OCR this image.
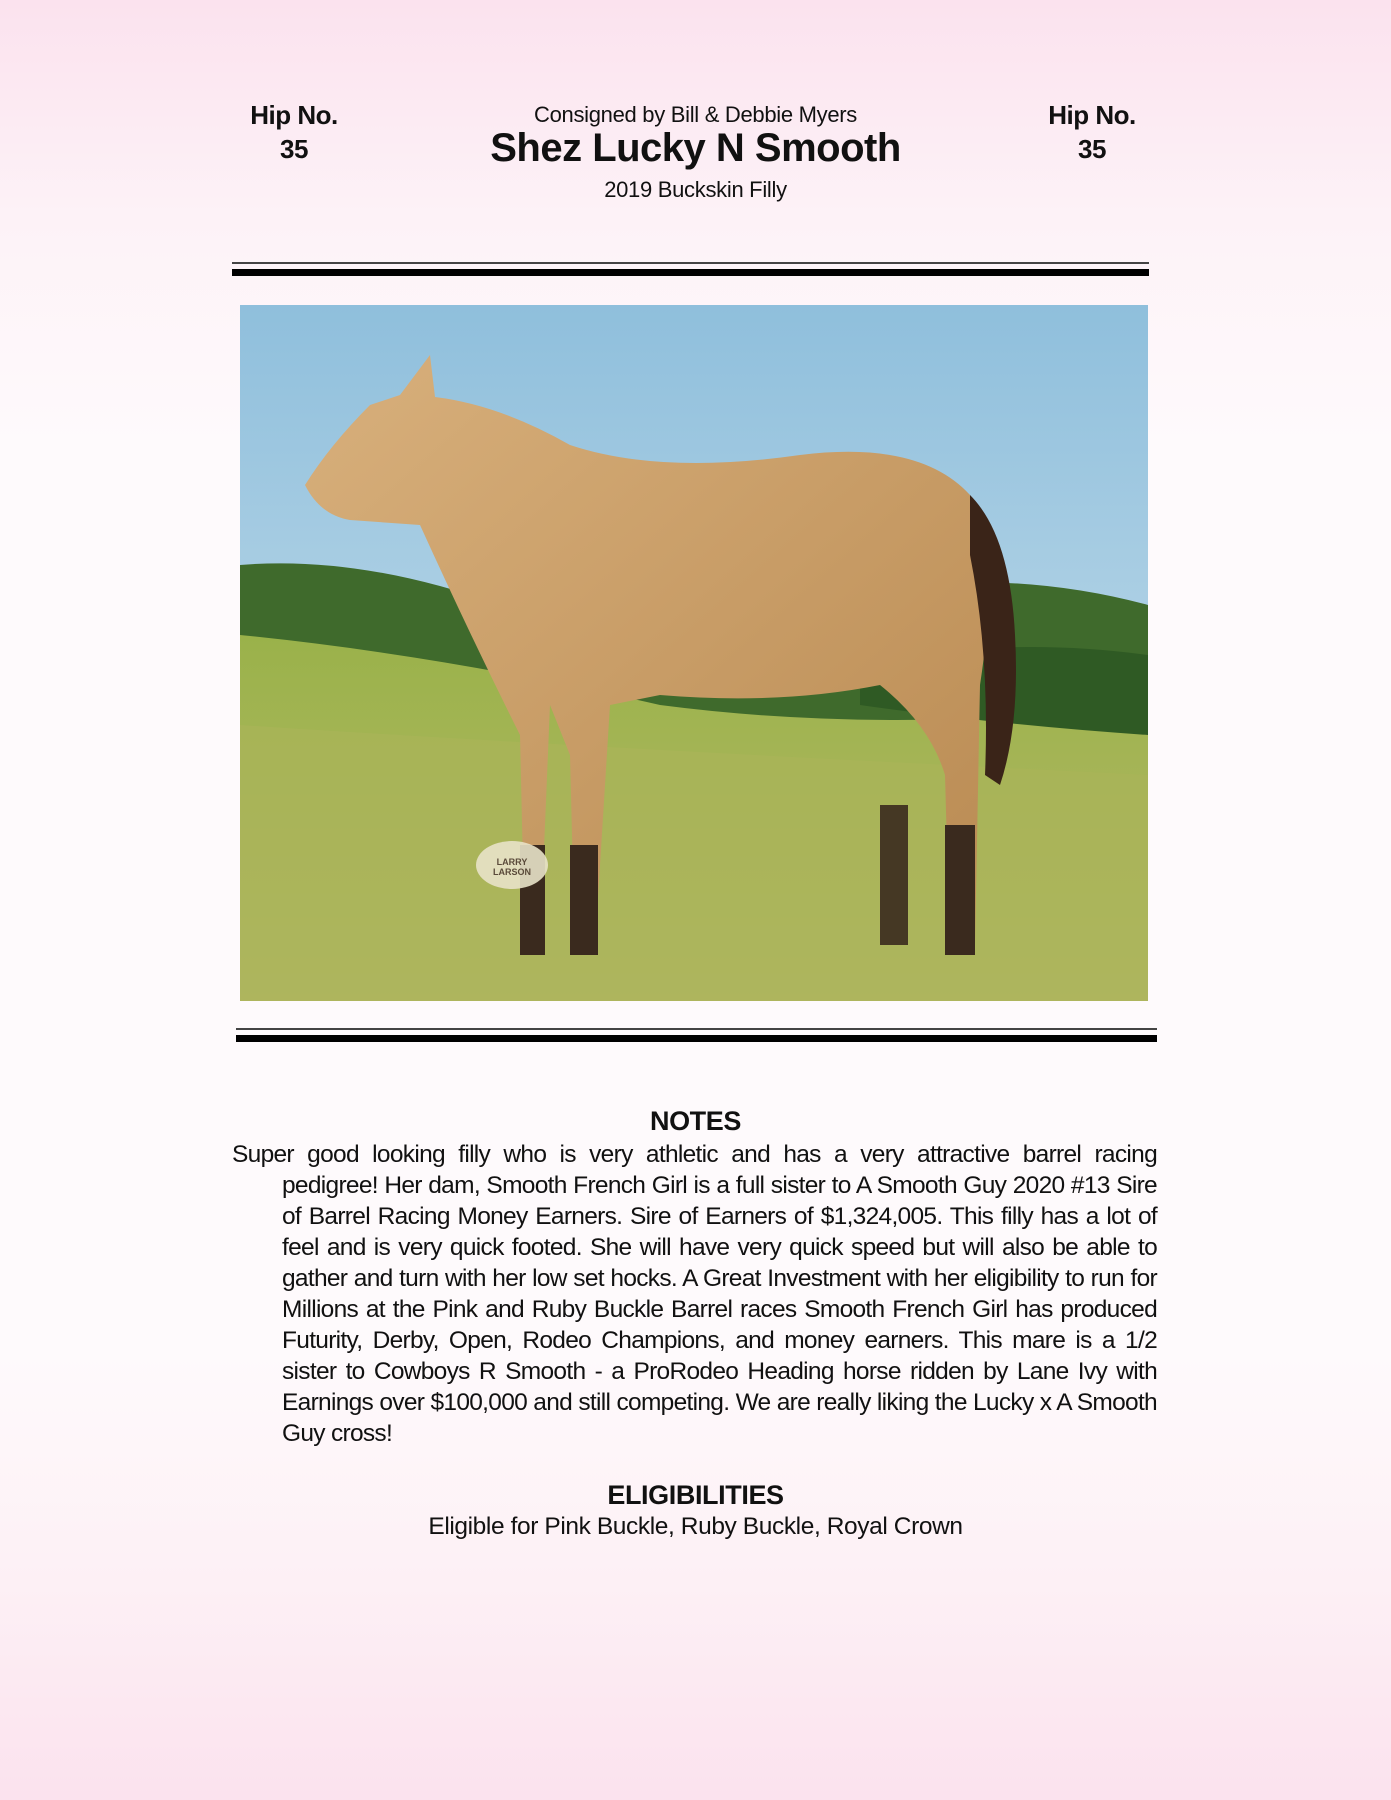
Hip No.
35
Hip No.
35
Consigned by Bill & Debbie Myers
Shez Lucky N Smooth
2019 Buckskin Filly
LARRY LARSON
NOTES
Super good looking filly who is very athletic and has a very attractive barrel racing pedigree! Her dam, Smooth French Girl is a full sister to A Smooth Guy 2020 #13 Sire of Barrel Racing Money Earners. Sire of Earners of $1,324,005. This filly has a lot of feel and is very quick footed. She will have very quick speed but will also be able to gather and turn with her low set hocks. A Great Investment with her eligibility to run for Millions at the Pink and Ruby Buckle Barrel races Smooth French Girl has produced Futurity, Derby, Open, Rodeo Champions, and money earners. This mare is a 1/2 sister to Cowboys R Smooth - a ProRodeo Heading horse ridden by Lane Ivy with Earnings over $100,000 and still competing. We are really liking the Lucky x A Smooth Guy cross!
ELIGIBILITIES
Eligible for Pink Buckle, Ruby Buckle, Royal Crown
